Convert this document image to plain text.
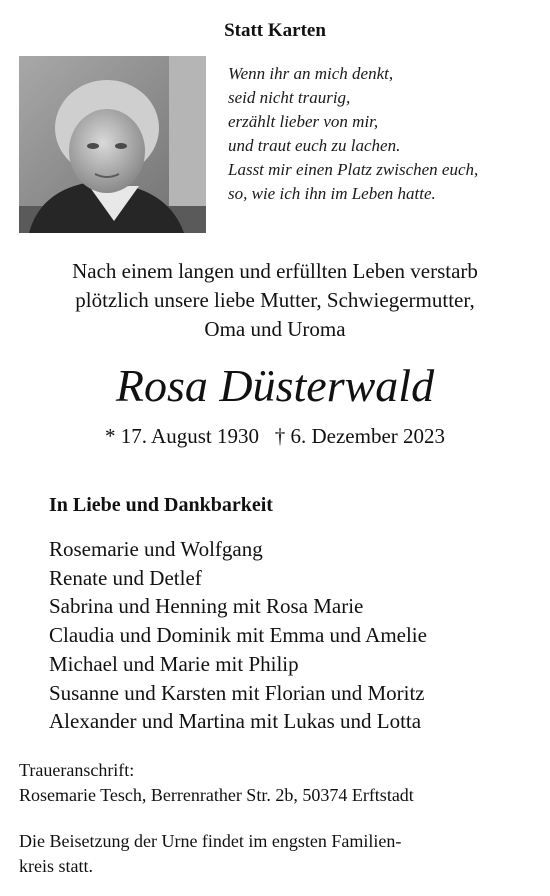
Statt Karten
Wenn ihr an mich denkt,
seid nicht traurig,
erzählt lieber von mir,
und traut euch zu lachen.
Lasst mir einen Platz zwischen euch,
so, wie ich ihn im Leben hatte.
Nach einem langen und erfüllten Leben verstarb
plötzlich unsere liebe Mutter, Schwiegermutter,
Oma und Uroma
Rosa Düsterwald
* 17. August 1930   † 6. Dezember 2023
In Liebe und Dankbarkeit
Rosemarie und Wolfgang
Renate und Detlef
Sabrina und Henning mit Rosa Marie
Claudia und Dominik mit Emma und Amelie
Michael und Marie mit Philip
Susanne und Karsten mit Florian und Moritz
Alexander und Martina mit Lukas und Lotta
Traueranschrift:
Rosemarie Tesch, Berrenrather Str. 2b, 50374 Erftstadt
Die Beisetzung der Urne findet im engsten Familien-
kreis statt.
